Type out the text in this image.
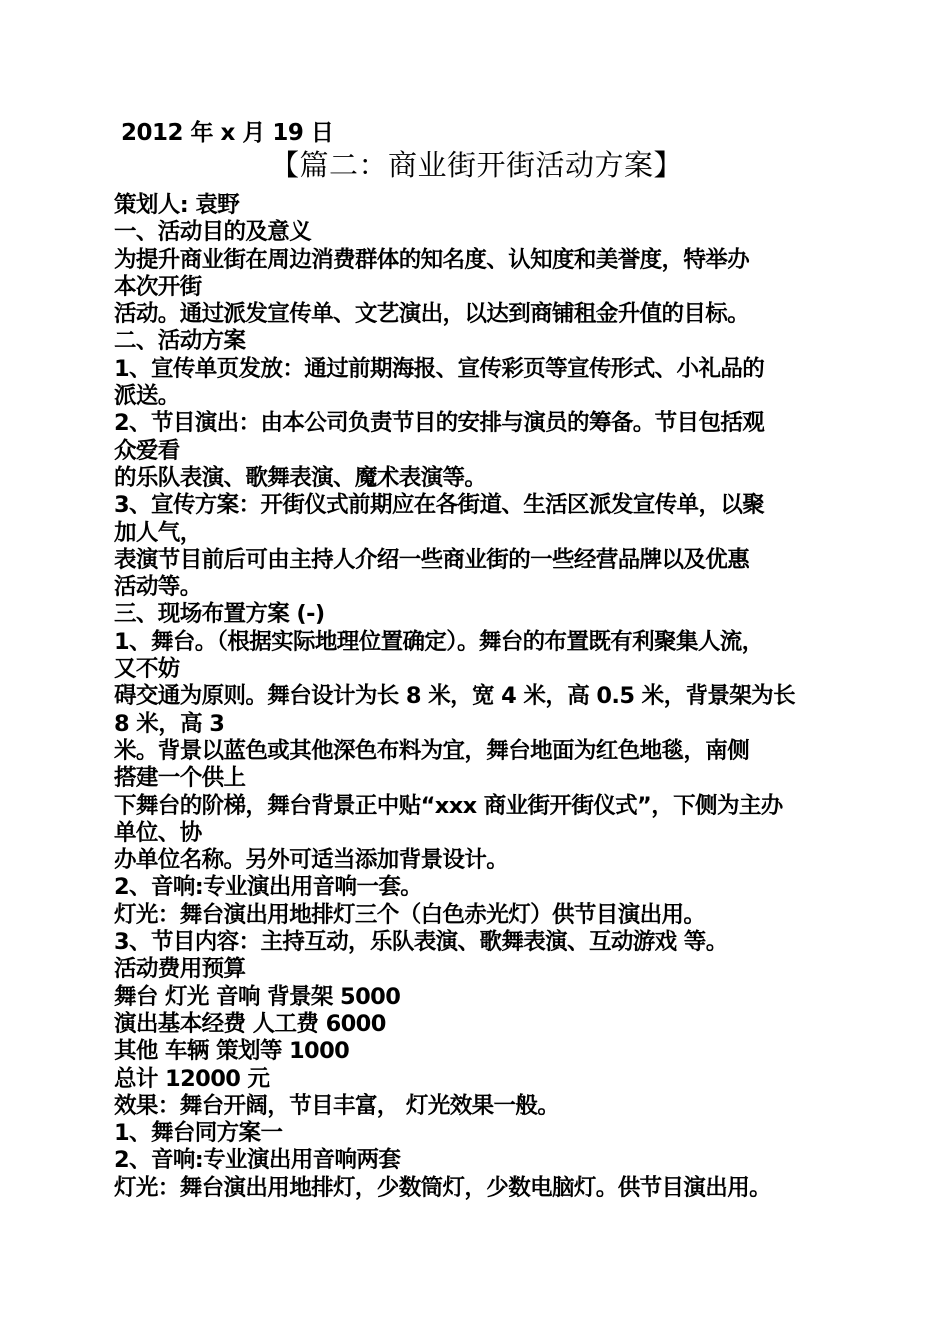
2012 年 x 月 19 日
【篇二：商业街开街活动方案】
策划人: 袁野
一、活动目的及意义
为提升商业街在周边消费群体的知名度、认知度和美誉度，特举办
本次开街
活动。通过派发宣传单、文艺演出，以达到商铺租金升值的目标。
二、活动方案
1、宣传单页发放：通过前期海报、宣传彩页等宣传形式、小礼品的
派送。
2、节目演出：由本公司负责节目的安排与演员的筹备。节目包括观
众爱看
的乐队表演、歌舞表演、魔术表演等。
3、宣传方案：开街仪式前期应在各街道、生活区派发宣传单，以聚
加人气，
表演节目前后可由主持人介绍一些商业街的一些经营品牌以及优惠
活动等。
三、现场布置方案 (-)
1、舞台。（根据实际地理位置确定）。舞台的布置既有利聚集人流，
又不妨
碍交通为原则。舞台设计为长 8 米，宽 4 米，高 0.5 米，背景架为长
8 米，高 3
米。背景以蓝色或其他深色布料为宜，舞台地面为红色地毯，南侧
搭建一个供上
下舞台的阶梯，舞台背景正中贴“xxx 商业街开街仪式”，下侧为主办
单位、协
办单位名称。另外可适当添加背景设计。
2、音响:专业演出用音响一套。
灯光：舞台演出用地排灯三个（白色赤光灯）供节目演出用。
3、节目内容：主持互动，乐队表演、歌舞表演、互动游戏 等。
活动费用预算
舞台 灯光 音响 背景架 5000
演出基本经费 人工费 6000
其他 车辆 策划等 1000
总计 12000 元
效果：舞台开阔，节目丰富， 灯光效果一般。
1、舞台同方案一
2、音响:专业演出用音响两套
灯光：舞台演出用地排灯，少数筒灯，少数电脑灯。供节目演出用。
